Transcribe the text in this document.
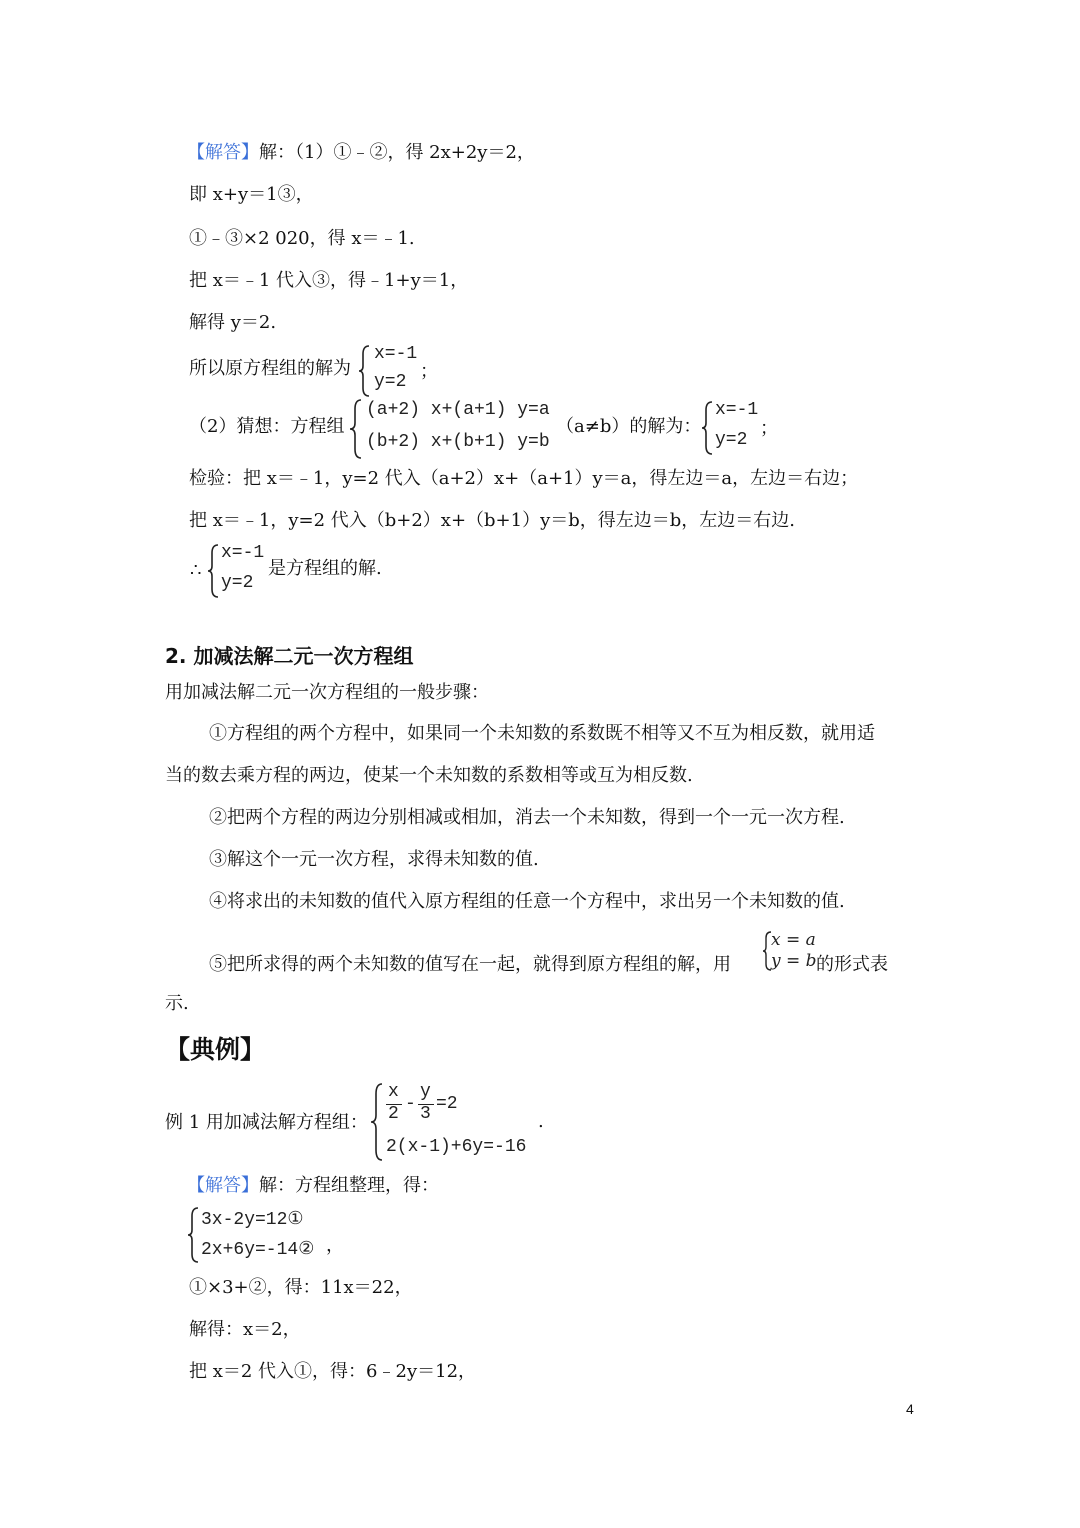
【解答】解：（1）①﹣②，得 2x+2y＝2，
即 x+y＝1③，
①﹣③×2 020，得 x＝﹣1.
把 x＝﹣1 代入③，得﹣1+y＝1，
解得 y＝2.
所以原方程组的解为
x=-1
y=2 ；
（2）猜想：方程组
(a+2) x+(a+1) y=a
(b+2) x+(b+1) y=b
（a≠b）的解为：
x=-1
y=2
；
检验：把 x＝﹣1，y=2 代入（a+2）x+（a+1）y＝a，得左边＝a，左边＝右边；
把 x＝﹣1，y=2 代入（b+2）x+（b+1）y＝b，得左边＝b，左边＝右边.
∴
x=-1
y=2
是方程组的解.
2. 加减法解二元一次方程组
用加减法解二元一次方程组的一般步骤：
①方程组的两个方程中，如果同一个未知数的系数既不相等又不互为相反数，就用适
当的数去乘方程的两边，使某一个未知数的系数相等或互为相反数.
②把两个方程的两边分别相减或相加，消去一个未知数，得到一个一元一次方程.
③解这个一元一次方程，求得未知数的值.
④将求出的未知数的值代入原方程组的任意一个方程中，求出另一个未知数的值.
⑤把所求得的两个未知数的值写在一起，就得到原方程组的解，用
x = a
y = b 的形式表
示.
【典例】
例 1 用加减法解方程组：
x
2 -
y
3 =2
2(x-1)+6y=-16
.
【解答】解：方程组整理，得：
3x-2y=12①
2x+6y=-14② ，
①×3+②，得：11x＝22，
解得：x＝2，
把 x＝2 代入①，得：6﹣2y＝12，
4
